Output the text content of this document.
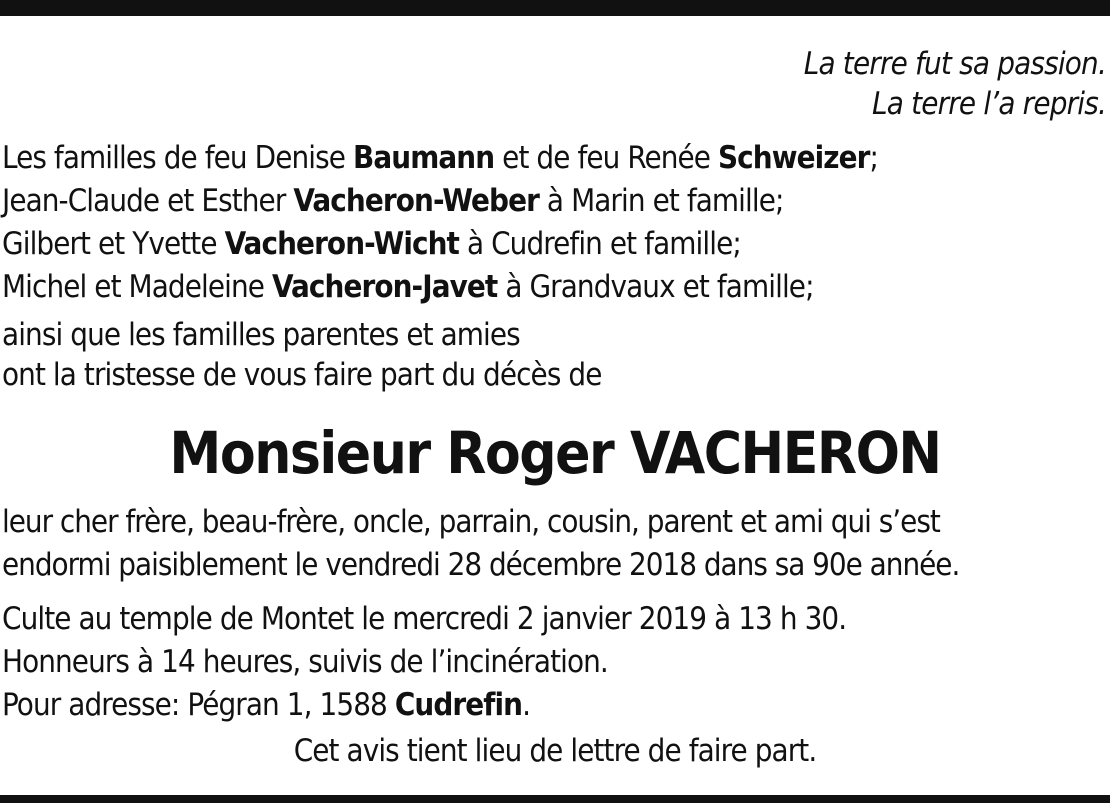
La terre fut sa passion.
La terre l’a repris.
Les familles de feu Denise Baumann et de feu Renée Schweizer;
Jean-Claude et Esther Vacheron-Weber à Marin et famille;
Gilbert et Yvette Vacheron-Wicht à Cudrefin et famille;
Michel et Madeleine Vacheron-Javet à Grandvaux et famille;
ainsi que les familles parentes et amies
ont la tristesse de vous faire part du décès de
Monsieur Roger VACHERON
leur cher frère, beau-frère, oncle, parrain, cousin, parent et ami qui s’est
endormi paisiblement le vendredi 28 décembre 2018 dans sa 90e année.
Culte au temple de Montet le mercredi 2 janvier 2019 à 13 h 30.
Honneurs à 14 heures, suivis de l’incinération.
Pour adresse: Pégran 1, 1588 Cudrefin.
Cet avis tient lieu de lettre de faire part.
